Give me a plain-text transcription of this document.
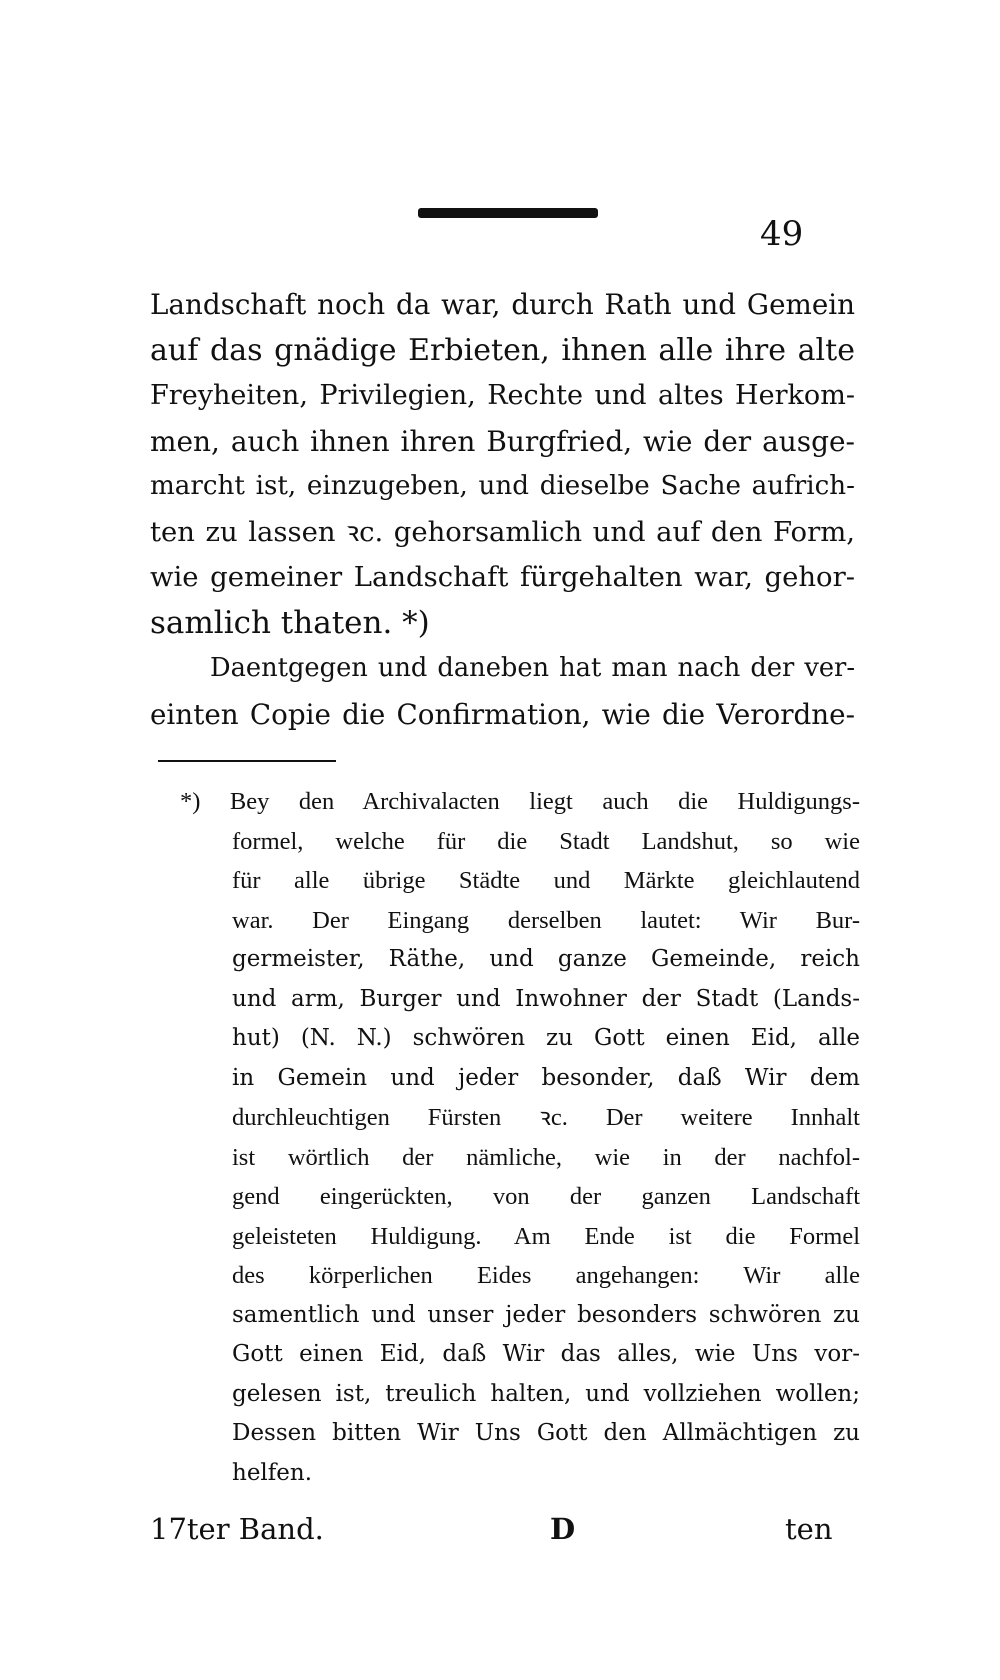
49
Landschaft noch da war, durch Rath und Gemein
auf das gnädige Erbieten, ihnen alle ihre alte
Freyheiten, Privilegien, Rechte und altes Herkom-
men, auch ihnen ihren Burgfried, wie der ausge-
marcht ist, einzugeben, und dieselbe Sache aufrich-
ten zu lassen ꝛc. gehorsamlich und auf den Form,
wie gemeiner Landschaft fürgehalten war, gehor-
samlich thaten. *)
Daentgegen und daneben hat man nach der ver-
einten Copie die Confirmation, wie die Verordne-
*) Bey den Archivalacten liegt auch die Huldigungs-
formel, welche für die Stadt Landshut, so wie
für alle übrige Städte und Märkte gleichlautend
war. Der Eingang derselben lautet: Wir Bur-
germeister, Räthe, und ganze Gemeinde, reich
und arm, Burger und Inwohner der Stadt (Lands-
hut) (N. N.) schwören zu Gott einen Eid, alle
in Gemein und jeder besonder, daß Wir dem
durchleuchtigen Fürsten ꝛc. Der weitere Innhalt
ist wörtlich der nämliche, wie in der nachfol-
gend eingerückten, von der ganzen Landschaft
geleisteten Huldigung. Am Ende ist die Formel
des körperlichen Eides angehangen: Wir alle
samentlich und unser jeder besonders schwören zu
Gott einen Eid, daß Wir das alles, wie Uns vor-
gelesen ist, treulich halten, und vollziehen wollen;
Dessen bitten Wir Uns Gott den Allmächtigen zu
helfen.
17ter Band.	D	ten
